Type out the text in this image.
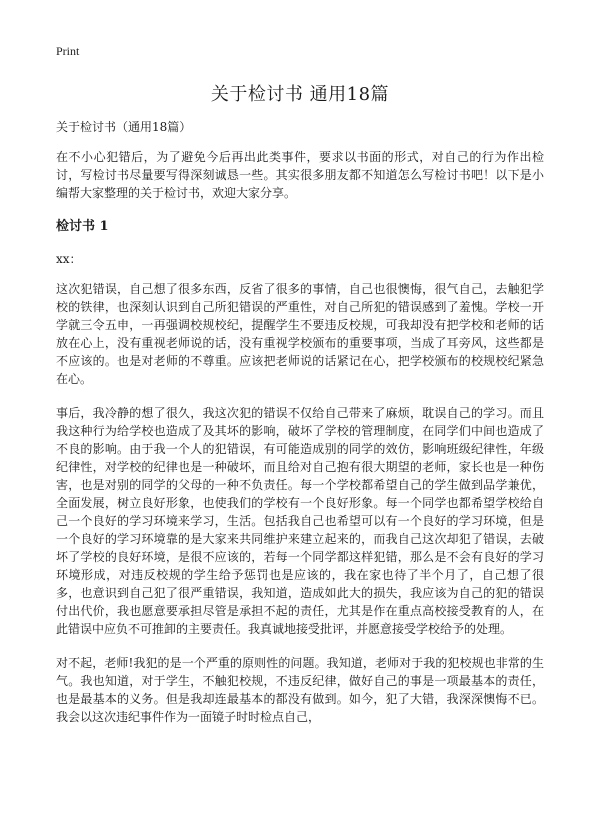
Print
关于检讨书 通用18篇
关于检讨书（通用18篇）

在不小心犯错后，为了避免今后再出此类事件，要求以书面的形式，对自己的行为作出检讨，写检讨书尽量要写得深刻诚恳一些。其实很多朋友都不知道怎么写检讨书吧！以下是小编帮大家整理的关于检讨书，欢迎大家分享。

检讨书 1
xx：

这次犯错误，自己想了很多东西，反省了很多的事情，自己也很懊悔，很气自己，去触犯学校的铁律，也深刻认识到自己所犯错误的严重性，对自己所犯的错误感到了羞愧。学校一开学就三令五申，一再强调校规校纪，提醒学生不要违反校规，可我却没有把学校和老师的话放在心上，没有重视老师说的话，没有重视学校颁布的重要事项，当成了耳旁风，这些都是不应该的。也是对老师的不尊重。应该把老师说的话紧记在心，把学校颁布的校规校纪紧急在心。

事后，我冷静的想了很久，我这次犯的错误不仅给自己带来了麻烦，耽误自己的学习。而且我这种行为给学校也造成了及其坏的影响，破坏了学校的管理制度，在同学们中间也造成了不良的影响。由于我一个人的犯错误，有可能造成别的同学的效仿，影响班级纪律性，年级纪律性，对学校的纪律也是一种破坏，而且给对自己抱有很大期望的老师，家长也是一种伤害，也是对别的同学的父母的一种不负责任。每一个学校都希望自己的学生做到品学兼优，全面发展，树立良好形象，也使我们的学校有一个良好形象。每一个同学也都希望学校给自己一个良好的学习环境来学习，生活。包括我自己也希望可以有一个良好的学习环境，但是一个良好的学习环境靠的是大家来共同维护来建立起来的，而我自己这次却犯了错误，去破坏了学校的良好环境，是很不应该的，若每一个同学都这样犯错，那么是不会有良好的学习环境形成，对违反校规的学生给予惩罚也是应该的，我在家也待了半个月了，自己想了很多，也意识到自己犯了很严重错误，我知道，造成如此大的损失，我应该为自己的犯的错误付出代价，我也愿意要承担尽管是承担不起的责任，尤其是作在重点高校接受教育的人，在此错误中应负不可推卸的主要责任。我真诚地接受批评，并愿意接受学校给予的处理。

对不起，老师!我犯的是一个严重的原则性的问题。我知道，老师对于我的犯校规也非常的生气。我也知道，对于学生，不触犯校规，不违反纪律，做好自己的事是一项最基本的责任，也是最基本的义务。但是我却连最基本的都没有做到。如今，犯了大错，我深深懊悔不已。我会以这次违纪事件作为一面镜子时时检点自己，
